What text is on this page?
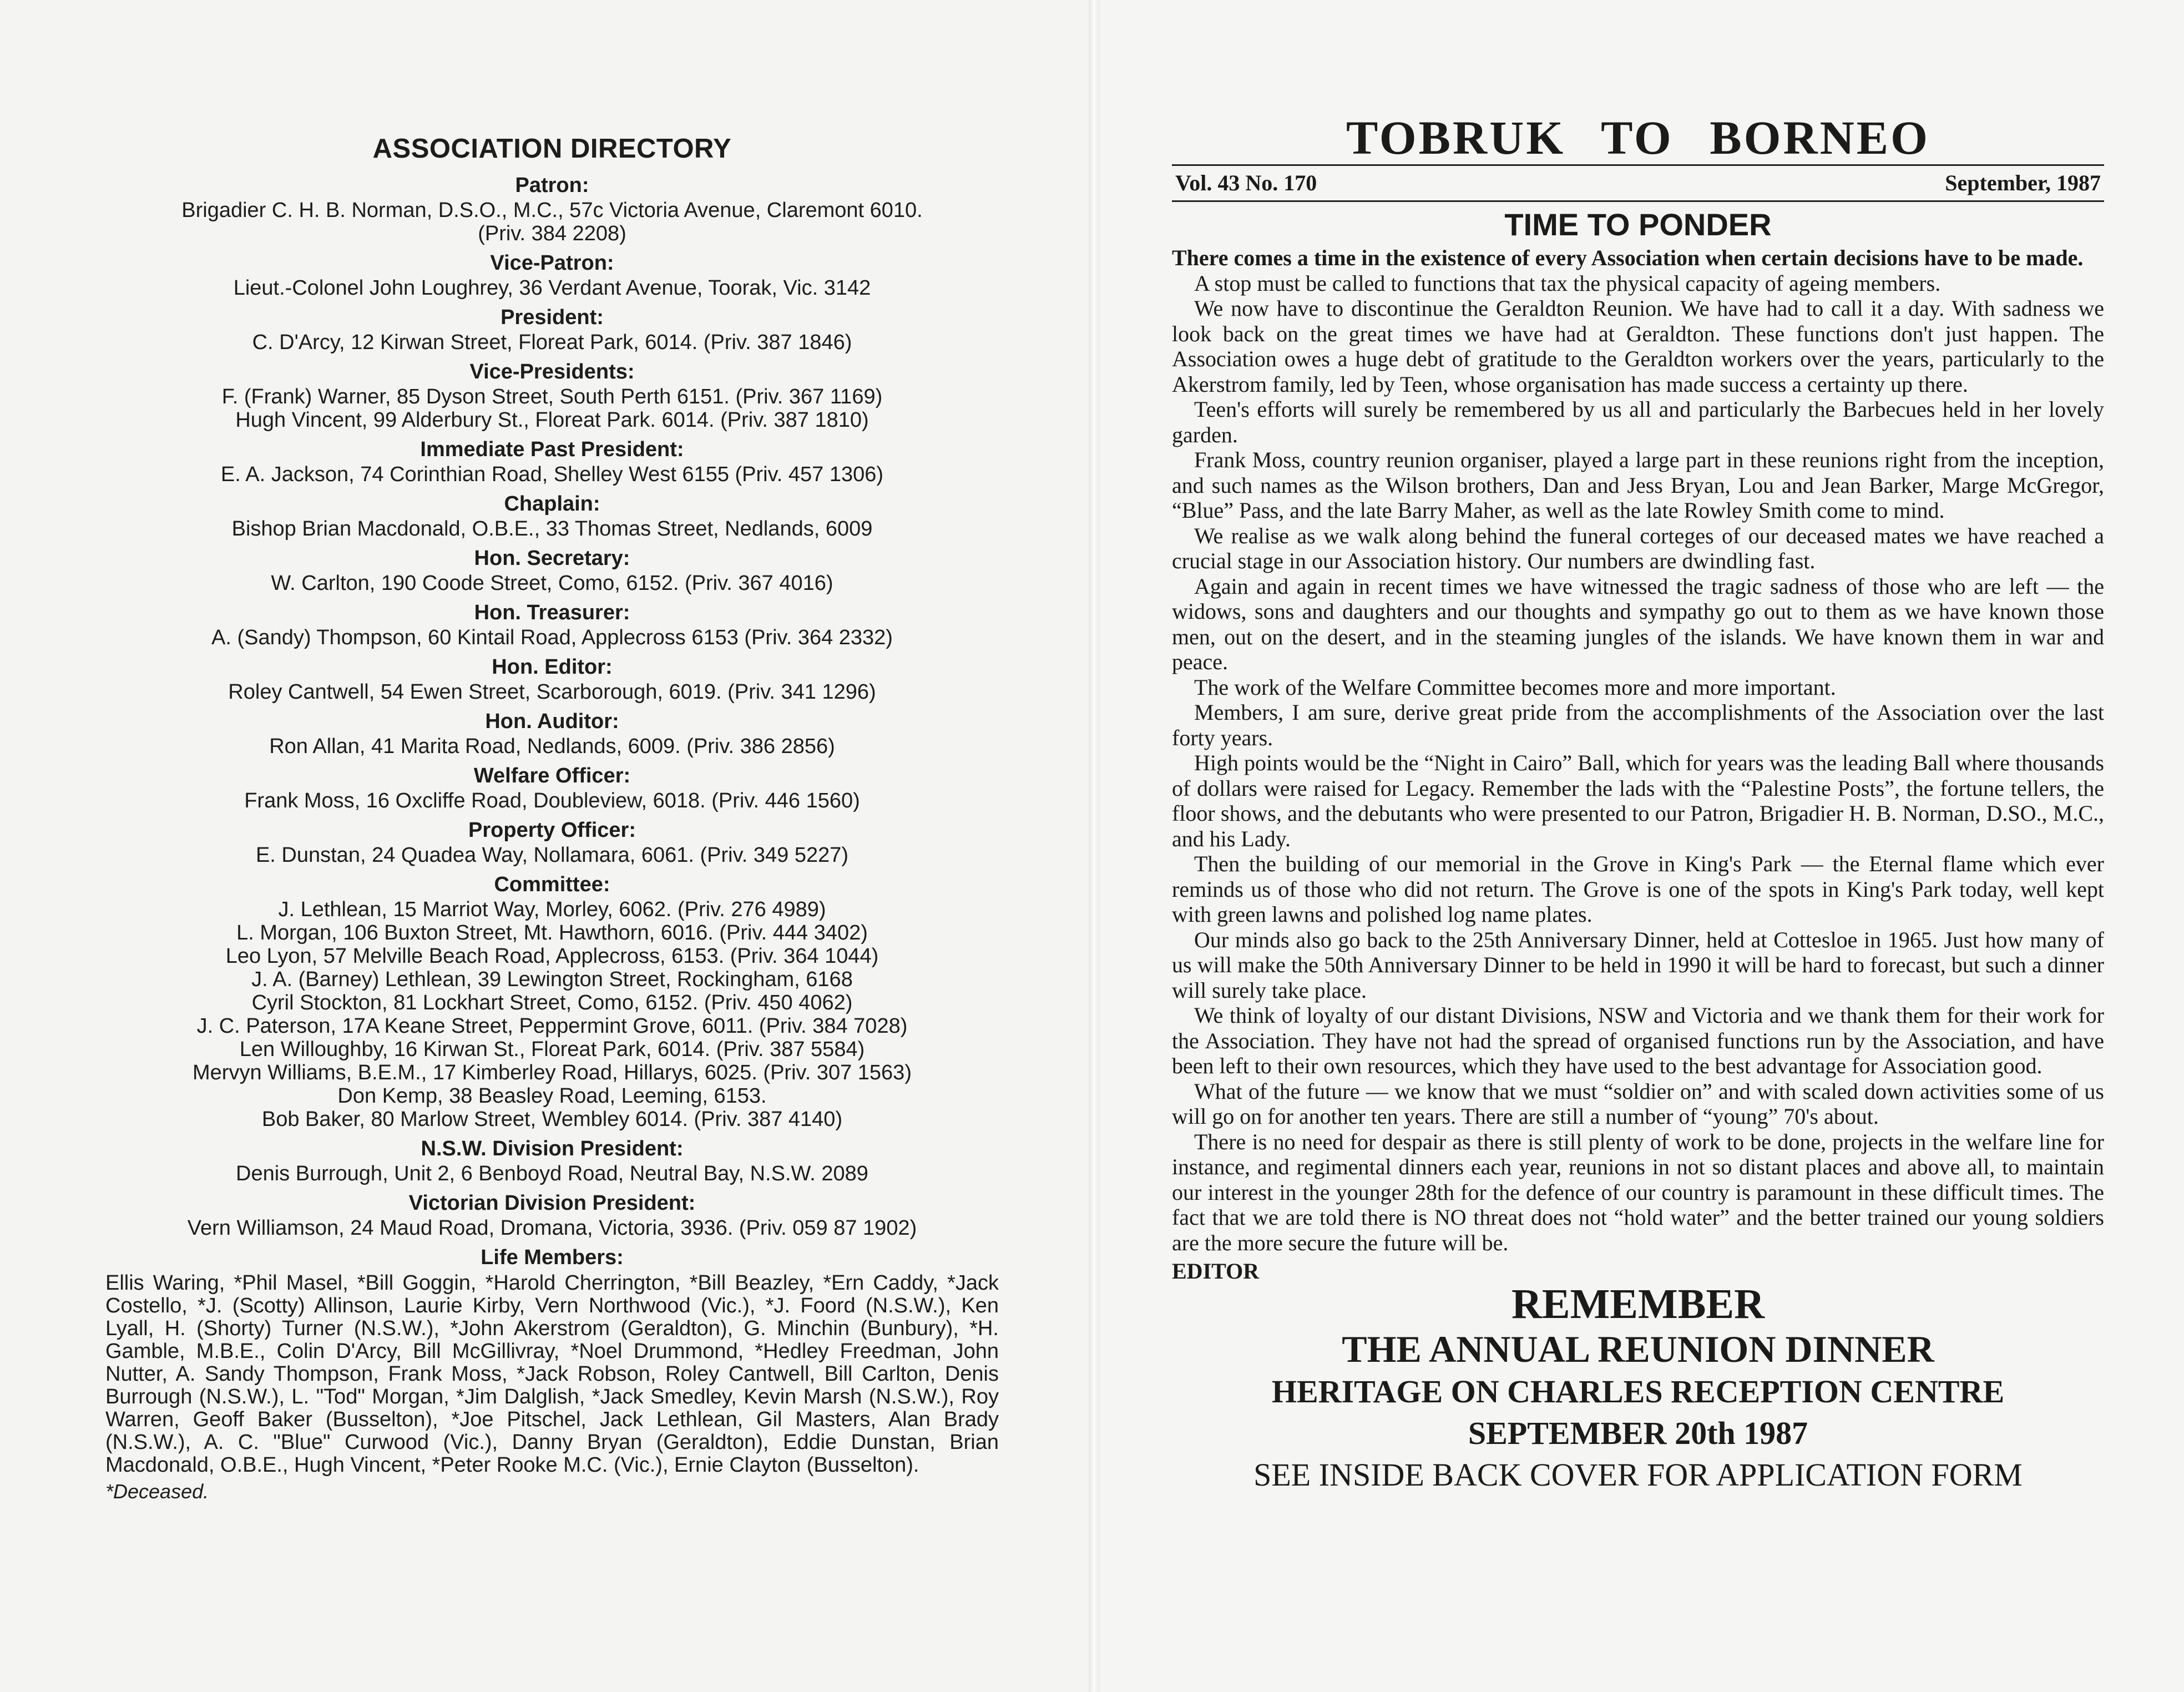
ASSOCIATION DIRECTORY
Patron:
Brigadier C. H. B. Norman, D.S.O., M.C., 57c Victoria Avenue, Claremont 6010.
(Priv. 384 2208)
Vice-Patron:
Lieut.-Colonel John Loughrey, 36 Verdant Avenue, Toorak, Vic. 3142
President:
C. D'Arcy, 12 Kirwan Street, Floreat Park, 6014. (Priv. 387 1846)
Vice-Presidents:
F. (Frank) Warner, 85 Dyson Street, South Perth 6151. (Priv. 367 1169)
Hugh Vincent, 99 Alderbury St., Floreat Park. 6014. (Priv. 387 1810)
Immediate Past President:
E. A. Jackson, 74 Corinthian Road, Shelley West 6155 (Priv. 457 1306)
Chaplain:
Bishop Brian Macdonald, O.B.E., 33 Thomas Street, Nedlands, 6009
Hon. Secretary:
W. Carlton, 190 Coode Street, Como, 6152. (Priv. 367 4016)
Hon. Treasurer:
A. (Sandy) Thompson, 60 Kintail Road, Applecross 6153 (Priv. 364 2332)
Hon. Editor:
Roley Cantwell, 54 Ewen Street, Scarborough, 6019. (Priv. 341 1296)
Hon. Auditor:
Ron Allan, 41 Marita Road, Nedlands, 6009. (Priv. 386 2856)
Welfare Officer:
Frank Moss, 16 Oxcliffe Road, Doubleview, 6018. (Priv. 446 1560)
Property Officer:
E. Dunstan, 24 Quadea Way, Nollamara, 6061. (Priv. 349 5227)
Committee:
J. Lethlean, 15 Marriot Way, Morley, 6062. (Priv. 276 4989)
L. Morgan, 106 Buxton Street, Mt. Hawthorn, 6016. (Priv. 444 3402)
Leo Lyon, 57 Melville Beach Road, Applecross, 6153. (Priv. 364 1044)
J. A. (Barney) Lethlean, 39 Lewington Street, Rockingham, 6168
Cyril Stockton, 81 Lockhart Street, Como, 6152. (Priv. 450 4062)
J. C. Paterson, 17A Keane Street, Peppermint Grove, 6011. (Priv. 384 7028)
Len Willoughby, 16 Kirwan St., Floreat Park, 6014. (Priv. 387 5584)
Mervyn Williams, B.E.M., 17 Kimberley Road, Hillarys, 6025. (Priv. 307 1563)
Don Kemp, 38 Beasley Road, Leeming, 6153.
Bob Baker, 80 Marlow Street, Wembley 6014. (Priv. 387 4140)
N.S.W. Division President:
Denis Burrough, Unit 2, 6 Benboyd Road, Neutral Bay, N.S.W. 2089
Victorian Division President:
Vern Williamson, 24 Maud Road, Dromana, Victoria, 3936. (Priv. 059 87 1902)
Life Members:
Ellis Waring, *Phil Masel, *Bill Goggin, *Harold Cherrington, *Bill Beazley, *Ern Caddy, *Jack Costello, *J. (Scotty) Allinson, Laurie Kirby, Vern Northwood (Vic.), *J. Foord (N.S.W.), Ken Lyall, H. (Shorty) Turner (N.S.W.), *John Akerstrom (Geraldton), G. Minchin (Bunbury), *H. Gamble, M.B.E., Colin D'Arcy, Bill McGillivray, *Noel Drummond, *Hedley Freedman, John Nutter, A. Sandy Thompson, Frank Moss, *Jack Robson, Roley Cantwell, Bill Carlton, Denis Burrough (N.S.W.), L. "Tod" Morgan, *Jim Dalglish, *Jack Smedley, Kevin Marsh (N.S.W.), Roy Warren, Geoff Baker (Busselton), *Joe Pitschel, Jack Lethlean, Gil Masters, Alan Brady (N.S.W.), A. C. "Blue" Curwood (Vic.), Danny Bryan (Geraldton), Eddie Dunstan, Brian Macdonald, O.B.E., Hugh Vincent, *Peter Rooke M.C. (Vic.), Ernie Clayton (Busselton).
*Deceased.
TOBRUK TO BORNEO
Vol. 43 No. 170	September, 1987
TIME TO PONDER

There comes a time in the existence of every Association when certain decisions have to be made.

A stop must be called to functions that tax the physical capacity of ageing members.

We now have to discontinue the Geraldton Reunion. We have had to call it a day. With sadness we look back on the great times we have had at Geraldton. These functions don't just happen. The Association owes a huge debt of gratitude to the Geraldton workers over the years, particularly to the Akerstrom family, led by Teen, whose organisation has made success a certainty up there.

Teen's efforts will surely be remembered by us all and particularly the Barbecues held in her lovely garden.

Frank Moss, country reunion organiser, played a large part in these reunions right from the inception, and such names as the Wilson brothers, Dan and Jess Bryan, Lou and Jean Barker, Marge McGregor, “Blue” Pass, and the late Barry Maher, as well as the late Rowley Smith come to mind.

We realise as we walk along behind the funeral corteges of our deceased mates we have reached a crucial stage in our Association history. Our numbers are dwindling fast.

Again and again in recent times we have witnessed the tragic sadness of those who are left — the widows, sons and daughters and our thoughts and sympathy go out to them as we have known those men, out on the desert, and in the steaming jungles of the islands. We have known them in war and peace.

The work of the Welfare Committee becomes more and more important.

Members, I am sure, derive great pride from the accomplishments of the Association over the last forty years.

High points would be the “Night in Cairo” Ball, which for years was the leading Ball where thousands of dollars were raised for Legacy. Remember the lads with the “Palestine Posts”, the fortune tellers, the floor shows, and the debutants who were presented to our Patron, Brigadier H. B. Norman, D.SO., M.C., and his Lady.

Then the building of our memorial in the Grove in King's Park — the Eternal flame which ever reminds us of those who did not return. The Grove is one of the spots in King's Park today, well kept with green lawns and polished log name plates.

Our minds also go back to the 25th Anniversary Dinner, held at Cottesloe in 1965. Just how many of us will make the 50th Anniversary Dinner to be held in 1990 it will be hard to forecast, but such a dinner will surely take place.

We think of loyalty of our distant Divisions, NSW and Victoria and we thank them for their work for the Association. They have not had the spread of organised functions run by the Association, and have been left to their own resources, which they have used to the best advantage for Association good.

What of the future — we know that we must “soldier on” and with scaled down activities some of us will go on for another ten years. There are still a number of “young” 70's about.

There is no need for despair as there is still plenty of work to be done, projects in the welfare line for instance, and regimental dinners each year, reunions in not so distant places and above all, to maintain our interest in the younger 28th for the defence of our country is paramount in these difficult times. The fact that we are told there is NO threat does not “hold water” and the better trained our young soldiers are the more secure the future will be.

EDITOR
REMEMBER
THE ANNUAL REUNION DINNER
HERITAGE ON CHARLES RECEPTION CENTRE
SEPTEMBER 20th 1987
SEE INSIDE BACK COVER FOR APPLICATION FORM
